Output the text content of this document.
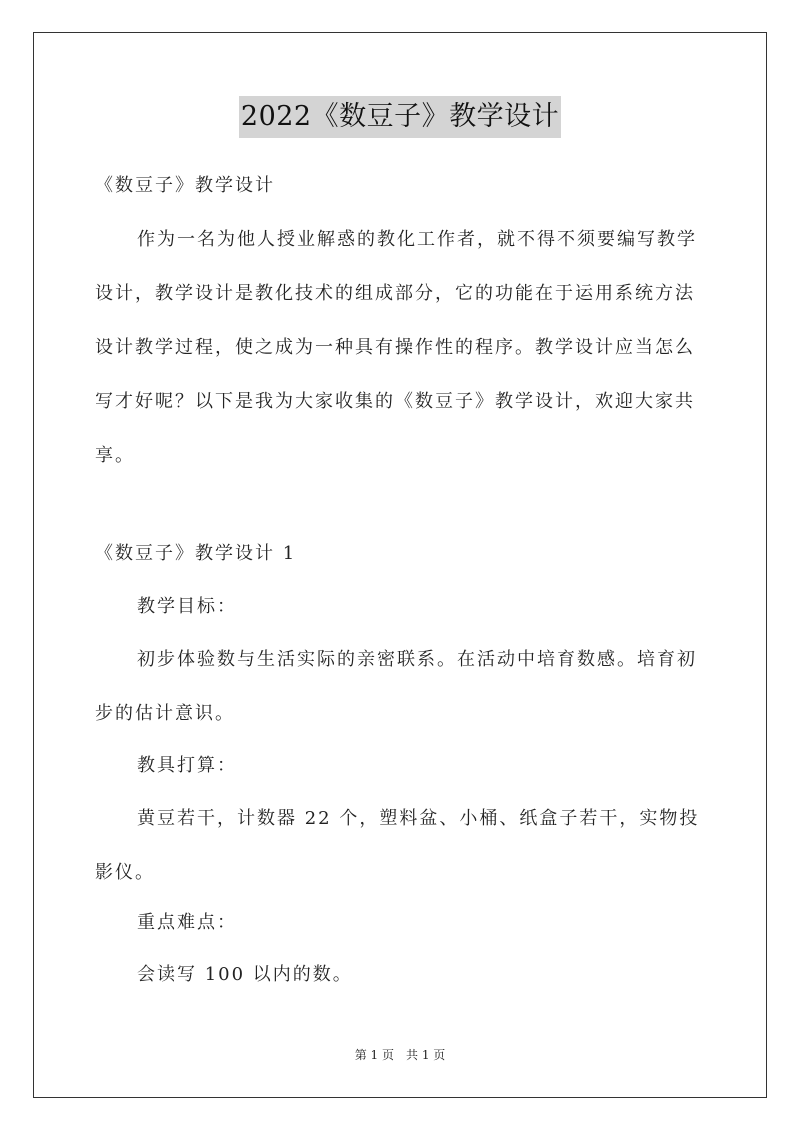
2022《数豆子》教学设计

《数豆子》教学设计

作为一名为他人授业解惑的教化工作者，就不得不须要编写教学设计，教学设计是教化技术的组成部分，它的功能在于运用系统方法设计教学过程，使之成为一种具有操作性的程序。教学设计应当怎么写才好呢？以下是我为大家收集的《数豆子》教学设计，欢迎大家共享。

《数豆子》教学设计 1

教学目标：

初步体验数与生活实际的亲密联系。在活动中培育数感。培育初步的估计意识。

教具打算：

黄豆若干，计数器 22 个，塑料盆、小桶、纸盒子若干，实物投影仪。

重点难点：

会读写 100 以内的数。

第 1 页　共 1 页
